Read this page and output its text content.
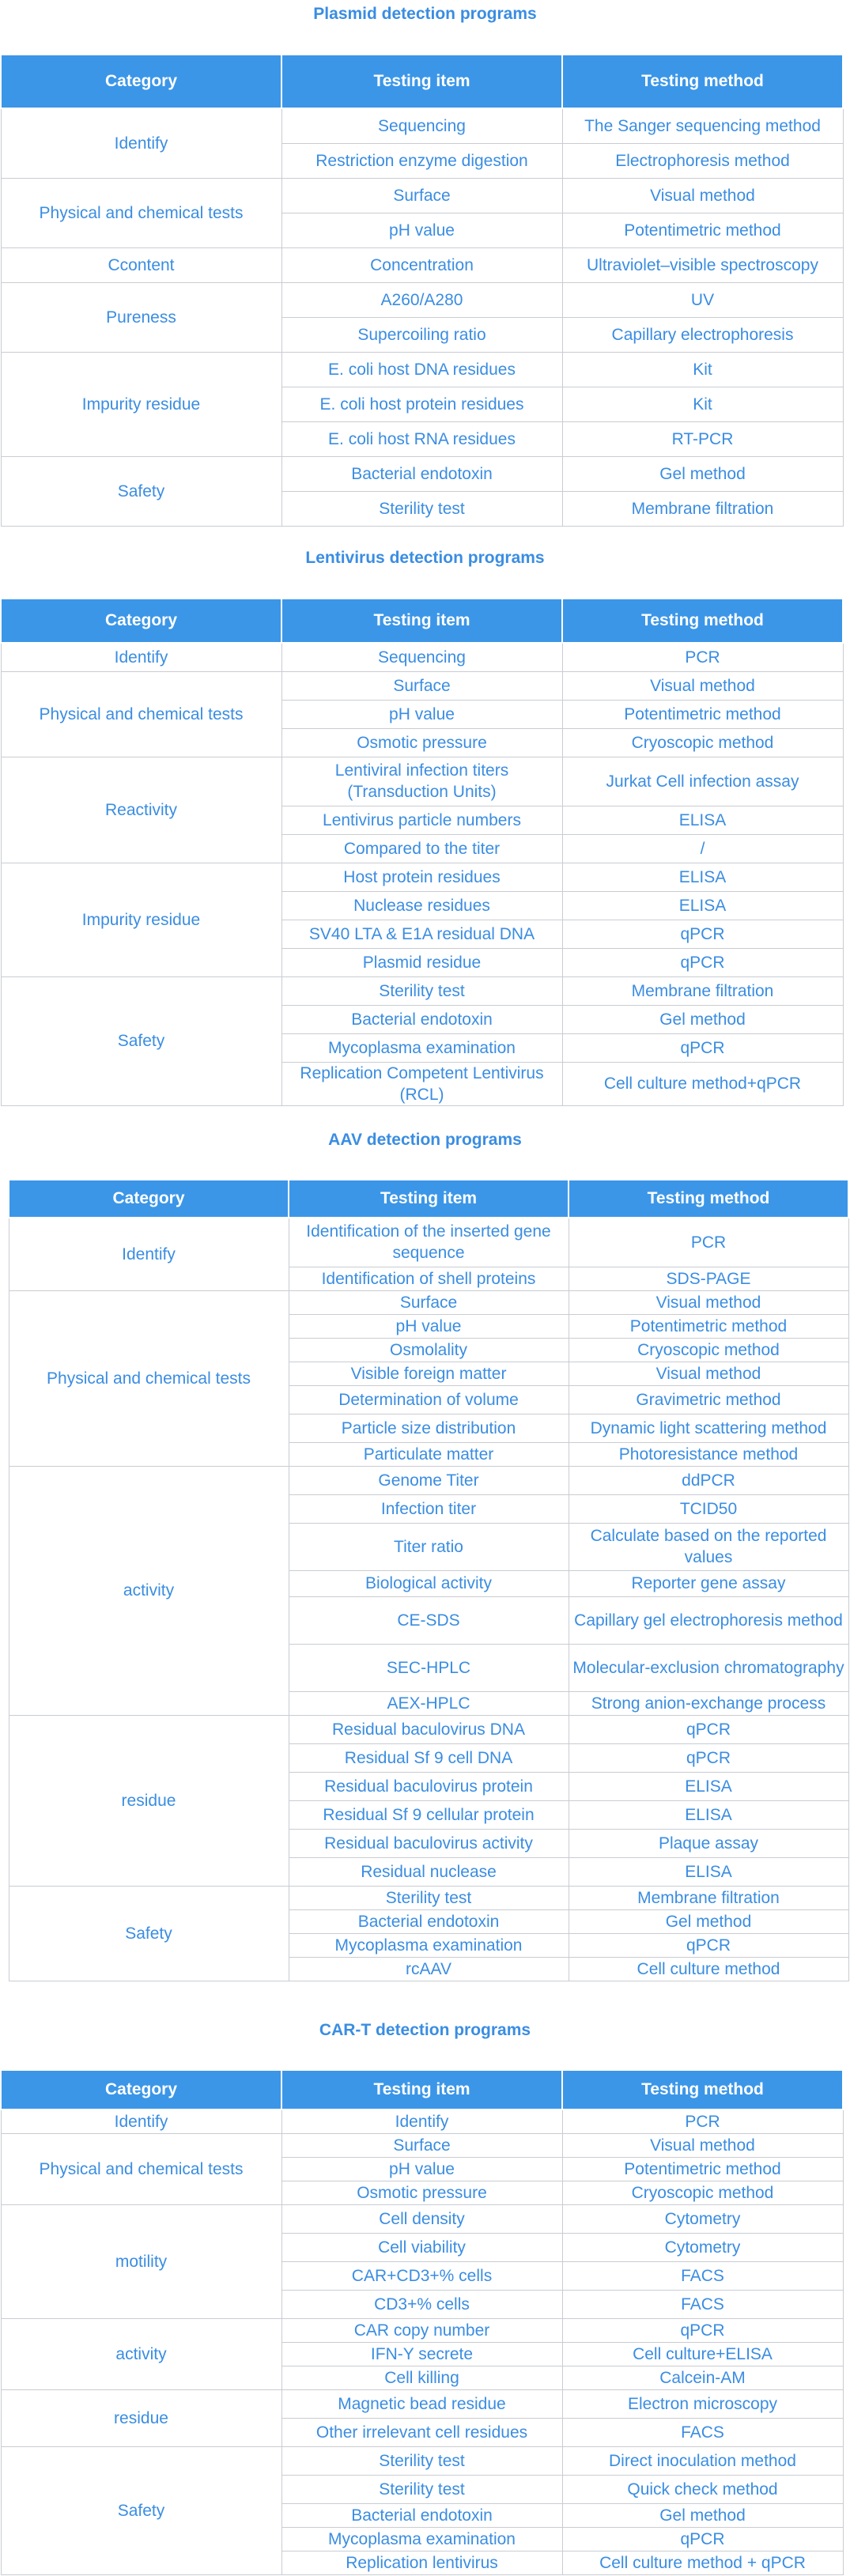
Plasmid detection programs
Category	Testing item	Testing method
Identify	Sequencing	The Sanger sequencing method
	Restriction enzyme digestion	Electrophoresis method
Physical and chemical tests	Surface	Visual method
	pH value	Potentimetric method
Ccontent	Concentration	Ultraviolet–visible spectroscopy
Pureness	A260/A280	UV
	Supercoiling ratio	Capillary electrophoresis
Impurity residue	E. coli host DNA residues	Kit
	E. coli host protein residues	Kit
	E. coli host RNA residues	RT-PCR
Safety	Bacterial endotoxin	Gel method
	Sterility test	Membrane filtration
Lentivirus detection programs
Category	Testing item	Testing method
Identify	Sequencing	PCR
Physical and chemical tests	Surface	Visual method
	pH value	Potentimetric method
	Osmotic pressure	Cryoscopic method
Reactivity	Lentiviral infection titers (Transduction Units)	Jurkat Cell infection assay
	Lentivirus particle numbers	ELISA
	Compared to the titer	/
Impurity residue	Host protein residues	ELISA
	Nuclease residues	ELISA
	SV40 LTA & E1A residual DNA	qPCR
	Plasmid residue	qPCR
Safety	Sterility test	Membrane filtration
	Bacterial endotoxin	Gel method
	Mycoplasma examination	qPCR
	Replication Competent Lentivirus (RCL)	Cell culture method+qPCR
AAV detection programs
Category	Testing item	Testing method
Identify	Identification of the inserted gene sequence	PCR
	Identification of shell proteins	SDS-PAGE
Physical and chemical tests	Surface	Visual method
	pH value	Potentimetric method
	Osmolality	Cryoscopic method
	Visible foreign matter	Visual method
	Determination of volume	Gravimetric method
	Particle size distribution	Dynamic light scattering method
	Particulate matter	Photoresistance method
activity	Genome Titer	ddPCR
	Infection titer	TCID50
	Titer ratio	Calculate based on the reported values
	Biological activity	Reporter gene assay
	CE-SDS	Capillary gel electrophoresis method
	SEC-HPLC	Molecular-exclusion chromatography
	AEX-HPLC	Strong anion-exchange process
residue	Residual baculovirus DNA	qPCR
	Residual Sf 9 cell DNA	qPCR
	Residual baculovirus protein	ELISA
	Residual Sf 9 cellular protein	ELISA
	Residual baculovirus activity	Plaque assay
	Residual nuclease	ELISA
Safety	Sterility test	Membrane filtration
	Bacterial endotoxin	Gel method
	Mycoplasma examination	qPCR
	rcAAV	Cell culture method
CAR-T detection programs
Category	Testing item	Testing method
Identify	Identify	PCR
Physical and chemical tests	Surface	Visual method
	pH value	Potentimetric method
	Osmotic pressure	Cryoscopic method
motility	Cell density	Cytometry
	Cell viability	Cytometry
	CAR+CD3+% cells	FACS
	CD3+% cells	FACS
activity	CAR copy number	qPCR
	IFN-Y secrete	Cell culture+ELISA
	Cell killing	Calcein-AM
residue	Magnetic bead residue	Electron microscopy
	Other irrelevant cell residues	FACS
Safety	Sterility test	Direct inoculation method
	Sterility test	Quick check method
	Bacterial endotoxin	Gel method
	Mycoplasma examination	qPCR
	Replication lentivirus	Cell culture method + qPCR
